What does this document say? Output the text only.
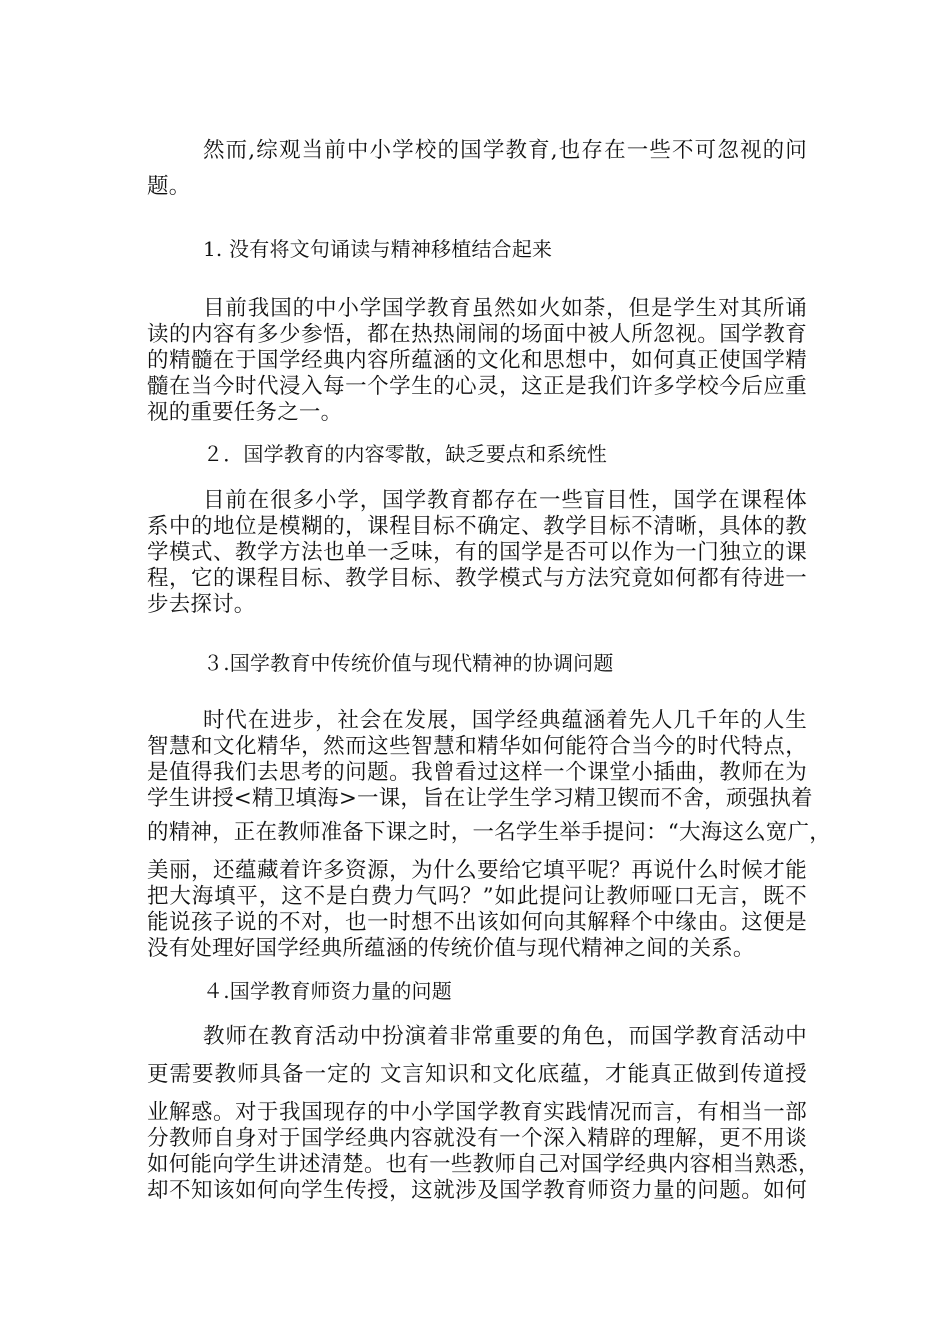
然而,综观当前中小学校的国学教育,也存在一些不可忽视的问
题。
1. 没有将文句诵读与精神移植结合起来
目前我国的中小学国学教育虽然如火如荼，但是学生对其所诵
读的内容有多少参悟，都在热热闹闹的场面中被人所忽视。国学教育
的精髓在于国学经典内容所蕴涵的文化和思想中，如何真正使国学精
髓在当今时代浸入每一个学生的心灵，这正是我们许多学校今后应重
视的重要任务之一。
２．国学教育的内容零散，缺乏要点和系统性
目前在很多小学，国学教育都存在一些盲目性，国学在课程体
系中的地位是模糊的，课程目标不确定、教学目标不清晰，具体的教
学模式、教学方法也单一乏味，有的国学是否可以作为一门独立的课
程，它的课程目标、教学目标、教学模式与方法究竟如何都有待进一
步去探讨。
３.国学教育中传统价值与现代精神的协调问题
时代在进步，社会在发展，国学经典蕴涵着先人几千年的人生
智慧和文化精华，然而这些智慧和精华如何能符合当今的时代特点，
是值得我们去思考的问题。我曾看过这样一个课堂小插曲，教师在为
学生讲授<精卫填海>一课，旨在让学生学习精卫锲而不舍，顽强执着
的精神，正在教师准备下课之时，一名学生举手提问：“大海这么宽广，
美丽，还蕴藏着许多资源，为什么要给它填平呢？再说什么时候才能
把大海填平，这不是白费力气吗？”如此提问让教师哑口无言，既不
能说孩子说的不对，也一时想不出该如何向其解释个中缘由。这便是
没有处理好国学经典所蕴涵的传统价值与现代精神之间的关系。
４.国学教育师资力量的问题
教师在教育活动中扮演着非常重要的角色，而国学教育活动中
更需要教师具备一定的 文言知识和文化底蕴，才能真正做到传道授
业解惑。对于我国现存的中小学国学教育实践情况而言，有相当一部
分教师自身对于国学经典内容就没有一个深入精辟的理解，更不用谈
如何能向学生讲述清楚。也有一些教师自己对国学经典内容相当熟悉，
却不知该如何向学生传授，这就涉及国学教育师资力量的问题。如何
